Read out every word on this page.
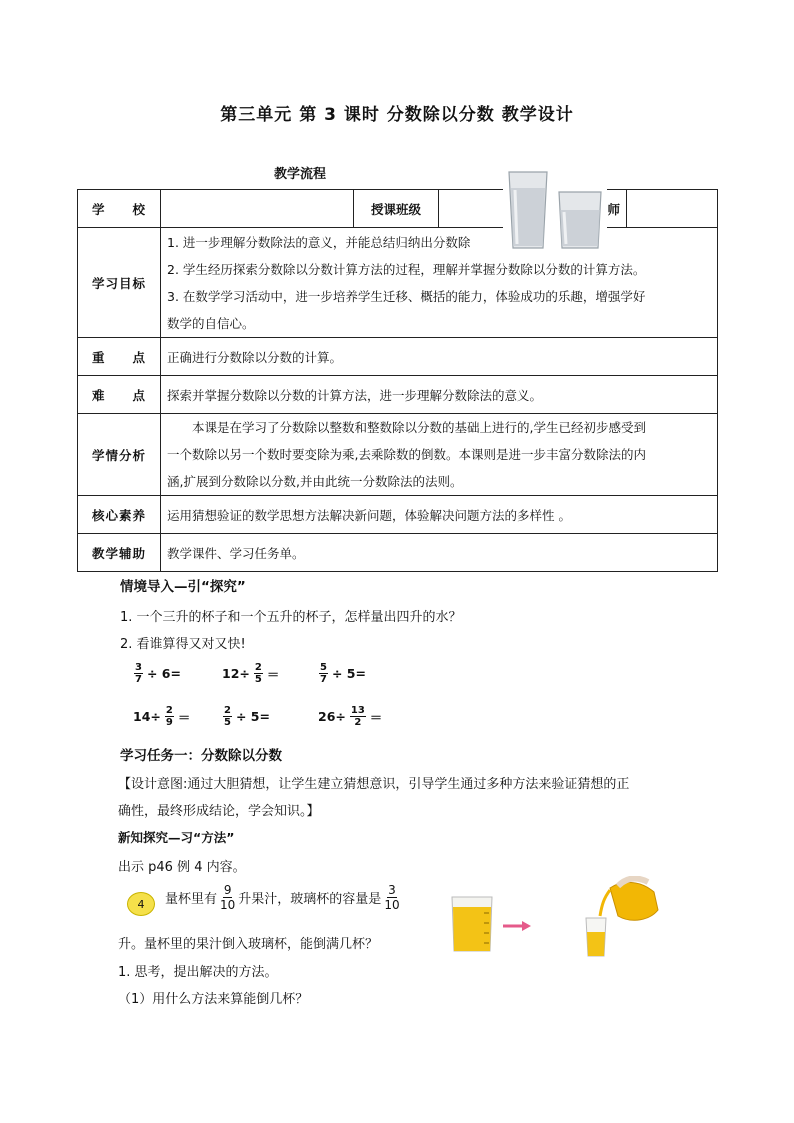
第三单元 第 3 课时 分数除以分数 教学设计
教学流程
学　　校		授课班级		师	
学习目标	1. 进一步理解分数除法的意义，并能总结归纳出分数除
2. 学生经历探索分数除以分数计算方法的过程，理解并掌握分数除以分数的计算方法。
3. 在数学学习活动中，进一步培养学生迁移、概括的能力，体验成功的乐趣，增强学好
数学的自信心。				

重　　点	正确进行分数除以分数的计算。				
难　　点	探索并掌握分数除以分数的计算方法，进一步理解分数除法的意义。				
学情分析	本课是在学习了分数除以整数和整数除以分数的基础上进行的,学生已经初步感受到
一个数除以另一个数时要变除为乘,去乘除数的倒数。本课则是进一步丰富分数除法的内
涵,扩展到分数除以分数,并由此统一分数除法的法则。				

核心素养	运用猜想验证的数学思想方法解决新问题，体验解决问题方法的多样性 。				
教学辅助	教学课件、学习任务单。				
情境导入—引“探究”
1. 一个三升的杯子和一个五升的杯子，怎样量出四升的水？
2. 看谁算得又对又快!
$\frac{3}{7} \div 6=$	$12\div \frac{2}{5}$ ＝	$\frac{5}{7} \div 5=$
$14\div \frac{2}{9}$ ＝	$\frac{2}{5} \div 5=$	$26\div \frac{13}{2}$ ＝
学习任务一：分数除以分数
【设计意图:通过大胆猜想，让学生建立猜想意识，引导学生通过多种方法来验证猜想的正
确性，最终形成结论，学会知识。】
新知探究—习“方法”
出示 p46 例 4 内容。
4	量杯里有 $\frac{9}{10}$ 升果汁，玻璃杯的容量是 $\frac{3}{10}$
升。量杯里的果汁倒入玻璃杯，能倒满几杯？
1. 思考，提出解决的方法。
（1）用什么方法来算能倒几杯？
